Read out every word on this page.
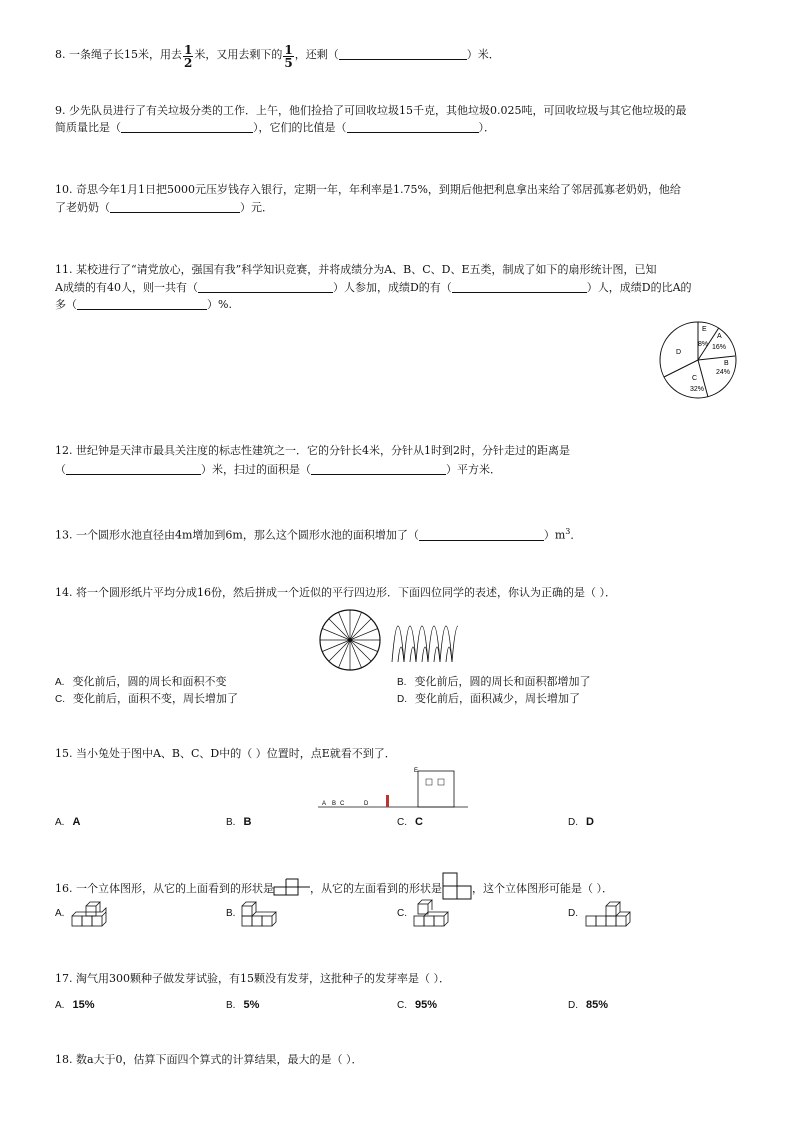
8. 一条绳子长15米，用去 $\frac{1}{2}$ 米，又用去剩下的 $\frac{1}{5}$ ，还剩（	）米．
9. 少先队员进行了有关垃圾分类的工作．上午，他们捡拾了可回收垃圾15千克，其他垃圾0.025吨，可回收垃圾与其它他垃圾的最
简质量比是（	），它们的比值是（	）．
10. 奇思今年1月1日把5000元压岁钱存入银行，定期一年，年利率是1.75%，到期后他把利息拿出来给了邻居孤寡老奶奶，他给
了老奶奶（	）元．
11. 某校进行了“请党放心，强国有我”科学知识竞赛，并将成绩分为A、B、C、D、E五类，制成了如下的扇形统计图，已知
A成绩的有40人，则一共有（	）人参加，成绩D的有（	）人，成绩D的比A的
多（	）%.
E
8%
A
16%
B
24%
C
32%
D
12. 世纪钟是天津市最具关注度的标志性建筑之一．它的分针长4米，分针从1时到2时，分针走过的距离是
（	）米，扫过的面积是（	）平方米．
13. 一个圆形水池直径由4m增加到6m，那么这个圆形水池的面积增加了（	）$m^3$．
14. 将一个圆形纸片平均分成16份，然后拼成一个近似的平行四边形．下面四位同学的表述，你认为正确的是（ ）．
A. 变化前后，圆的周长和面积不变	B. 变化前后，圆的周长和面积都增加了
C. 变化前后，面积不变，周长增加了	D. 变化前后，面积减少，周长增加了
15. 当小兔处于图中A、B、C、D中的（ ）位置时，点E就看不到了．
E
A B C	D
A. A	B. B	C. C	D. D
16. 一个立体图形，从它的上面看到的形状是	，从它的左面看到的形状是	，这个立体图形可能是（ ）．
A.	B.	C.	D.
17. 淘气用300颗种子做发芽试验，有15颗没有发芽，这批种子的发芽率是（ ）．
A. 15%	B. 5%	C. 95%	D. 85%
18. 数a大于0，估算下面四个算式的计算结果，最大的是（ ）．
